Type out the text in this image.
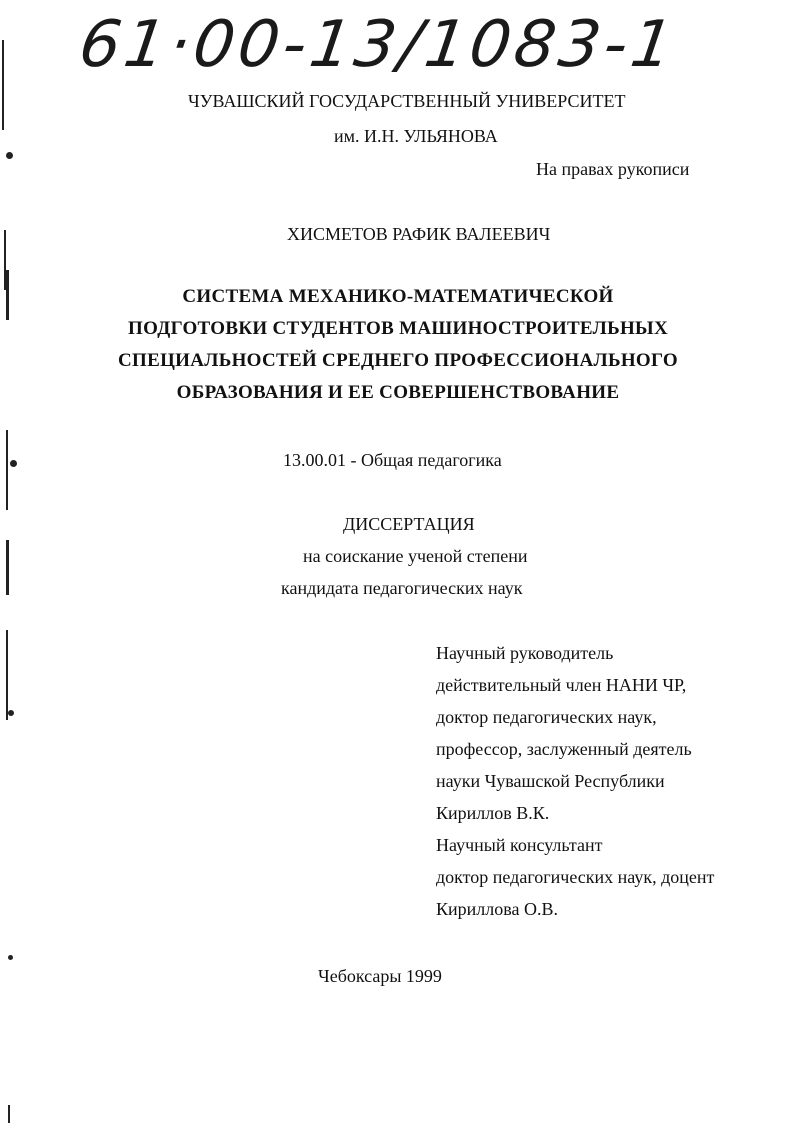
61·00-13/1083-1
ЧУВАШСКИЙ ГОСУДАРСТВЕННЫЙ УНИВЕРСИТЕТ
им. И.Н. УЛЬЯНОВА
На правах рукописи
ХИСМЕТОВ РАФИК ВАЛЕЕВИЧ
СИСТЕМА МЕХАНИКО-МАТЕМАТИЧЕСКОЙ
ПОДГОТОВКИ СТУДЕНТОВ МАШИНОСТРОИТЕЛЬНЫХ
СПЕЦИАЛЬНОСТЕЙ СРЕДНЕГО ПРОФЕССИОНАЛЬНОГО
ОБРАЗОВАНИЯ И ЕЕ СОВЕРШЕНСТВОВАНИЕ
13.00.01 - Общая педагогика
ДИССЕРТАЦИЯ
на соискание ученой степени
кандидата педагогических наук
Научный руководитель
действительный член НАНИ ЧР,
доктор педагогических наук,
профессор, заслуженный деятель
науки Чувашской Республики
Кириллов В.К.
Научный консультант
доктор педагогических наук, доцент
Кириллова О.В.
Чебоксары 1999
